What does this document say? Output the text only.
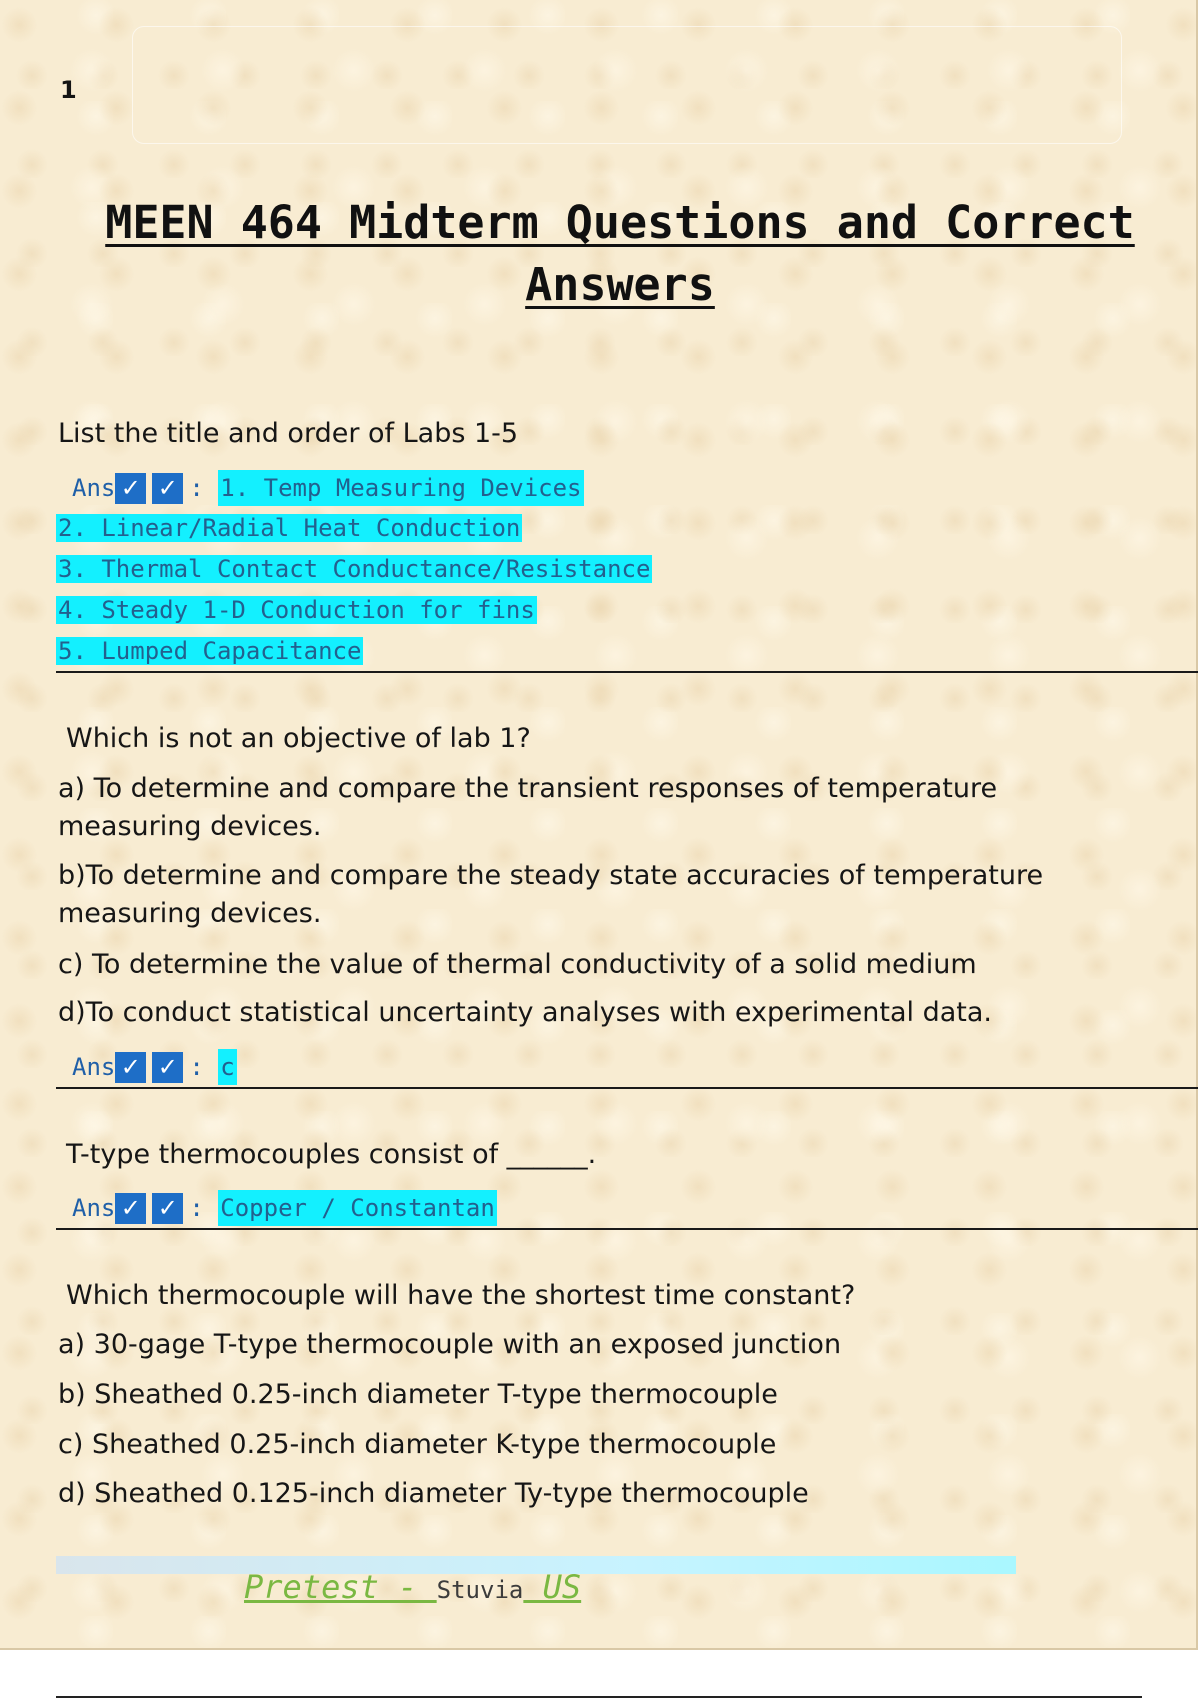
1
MEEN 464 Midterm Questions and Correct Answers
List the title and order of Labs 1-5
Ans ✓ ✓ : 1. Temp Measuring Devices
2. Linear/Radial Heat Conduction
3. Thermal Contact Conductance/Resistance
4. Steady 1-D Conduction for fins
5. Lumped Capacitance
Which is not an objective of lab 1?
a) To determine and compare the transient responses of temperature measuring devices.
b)To determine and compare the steady state accuracies of temperature measuring devices.
c) To determine the value of thermal conductivity of a solid medium
d)To conduct statistical uncertainty analyses with experimental data.
Ans ✓ ✓ : c
T-type thermocouples consist of ______.
Ans ✓ ✓ : Copper / Constantan
Which thermocouple will have the shortest time constant?
a) 30-gage T-type thermocouple with an exposed junction
b) Sheathed 0.25-inch diameter T-type thermocouple
c) Sheathed 0.25-inch diameter K-type thermocouple
d) Sheathed 0.125-inch diameter Ty-type thermocouple
Pretest - Stuvia US
